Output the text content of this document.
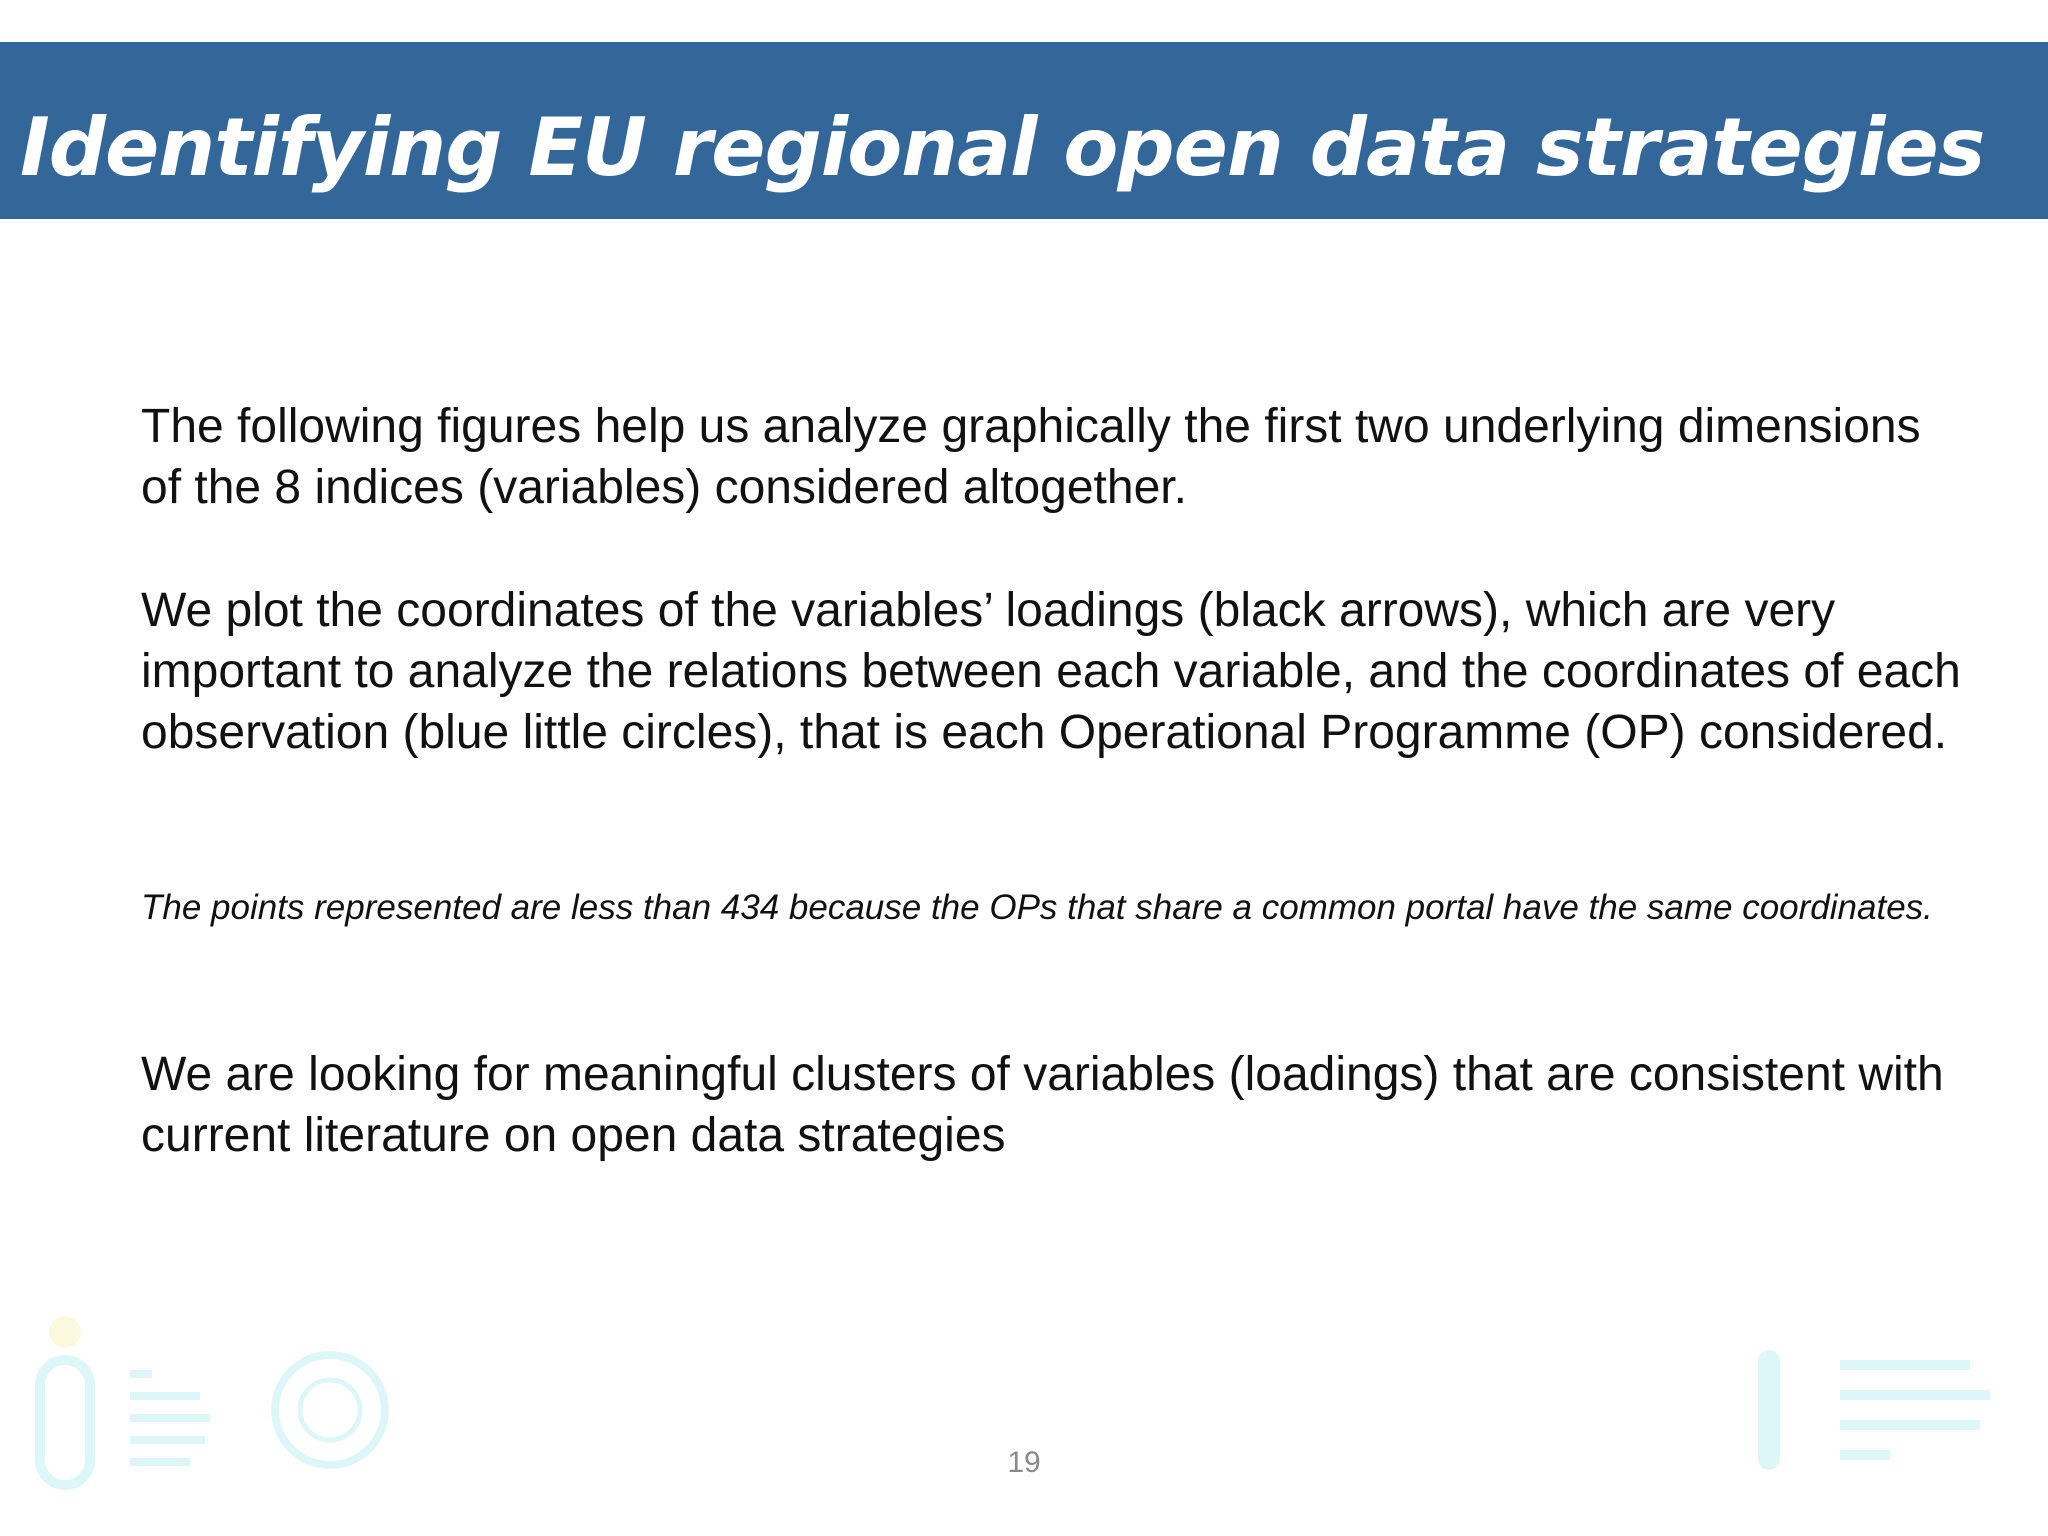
Identifying EU regional open data strategies

The following figures help us analyze graphically the first two underlying dimensions of the 8 indices (variables) considered altogether.

We plot the coordinates of the variables’ loadings (black arrows), which are very important to analyze the relations between each variable, and the coordinates of each observation (blue little circles), that is each Operational Programme (OP) considered.

The points represented are less than 434 because the OPs that share a common portal have the same coordinates.

We are looking for meaningful clusters of variables (loadings) that are consistent with current literature on open data strategies

19
